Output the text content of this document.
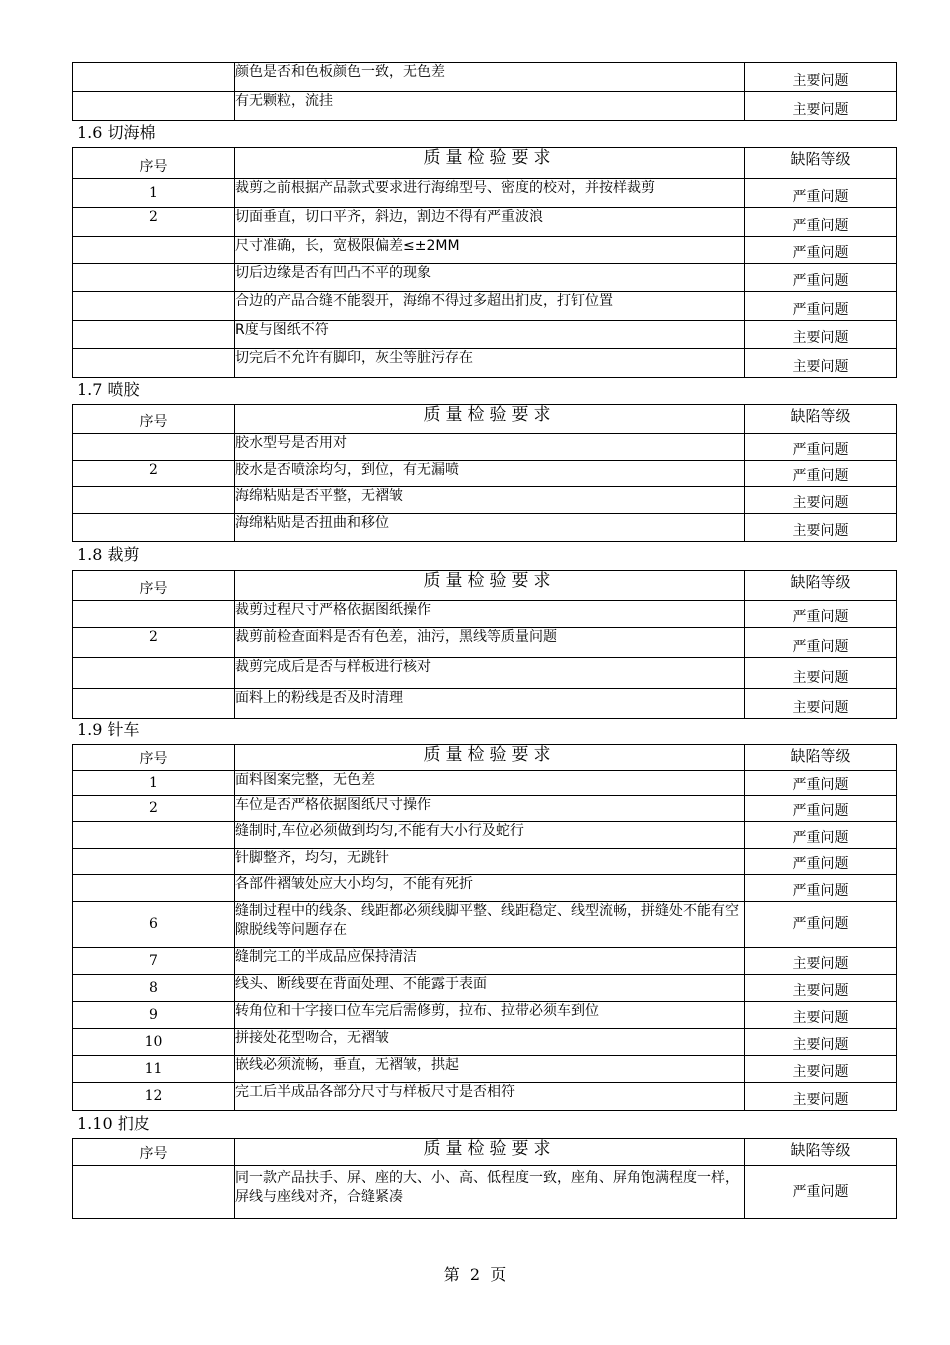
	颜色是否和色板颜色一致，无色差	主要问题
	有无颗粒，流挂	主要问题
1.6 切海棉
序号	质量检验要求	缺陷等级
1	裁剪之前根据产品款式要求进行海绵型号、密度的校对，并按样裁剪	严重问题
2	切面垂直，切口平齐，斜边，割边不得有严重波浪	严重问题
	尺寸准确，长，宽极限偏差≤±2MM	严重问题
	切后边缘是否有凹凸不平的现象	严重问题
	合边的产品合缝不能裂开，海绵不得过多超出扪皮，打钉位置	严重问题
	R度与图纸不符	主要问题
	切完后不允许有脚印，灰尘等脏污存在	主要问题
1.7 喷胶
序号	质量检验要求	缺陷等级
	胶水型号是否用对	严重问题
2	胶水是否喷涂均匀，到位，有无漏喷	严重问题
	海绵粘贴是否平整，无褶皱	主要问题
	海绵粘贴是否扭曲和移位	主要问题
1.8 裁剪
序号	质量检验要求	缺陷等级
	裁剪过程尺寸严格依据图纸操作	严重问题
2	裁剪前检查面料是否有色差，油污，黑线等质量问题	严重问题
	裁剪完成后是否与样板进行核对	主要问题
	面料上的粉线是否及时清理	主要问题
1.9 针车
序号	质量检验要求	缺陷等级
1	面料图案完整，无色差	严重问题
2	车位是否严格依据图纸尺寸操作	严重问题
	缝制时,车位必须做到均匀,不能有大小行及蛇行	严重问题
	针脚整齐，均匀，无跳针	严重问题
	各部件褶皱处应大小均匀，不能有死折	严重问题
6	缝制过程中的线条、线距都必须线脚平整、线距稳定、线型流畅，拼缝处不能有空隙脱线等问题存在	严重问题
7	缝制完工的半成品应保持清洁	主要问题
8	线头、断线要在背面处理、不能露于表面	主要问题
9	转角位和十字接口位车完后需修剪，拉布、拉带必须车到位	主要问题
10	拼接处花型吻合，无褶皱	主要问题
11	嵌线必须流畅，垂直，无褶皱，拱起	主要问题
12	完工后半成品各部分尺寸与样板尺寸是否相符	主要问题
1.10 扪皮
序号	质量检验要求	缺陷等级
	同一款产品扶手、屏、座的大、小、高、低程度一致，座角、屏角饱满程度一样，屏线与座线对齐，合缝紧凑	严重问题
第  2  页
